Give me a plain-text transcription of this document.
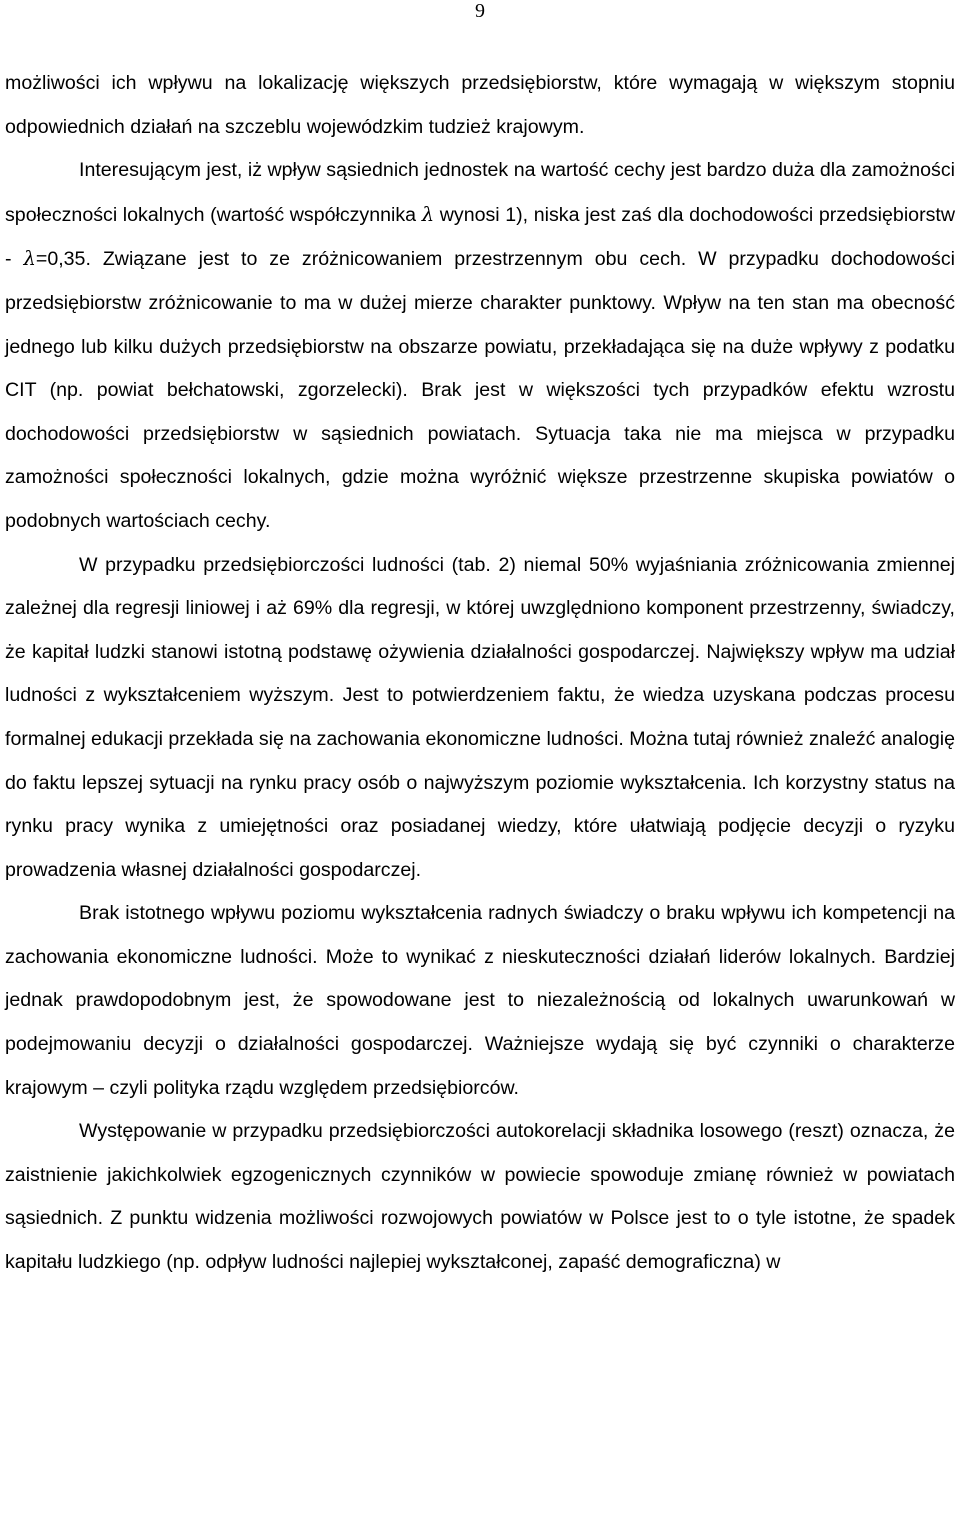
9

możliwości ich wpływu na lokalizację większych przedsiębiorstw, które wymagają w większym stopniu odpowiednich działań na szczeblu wojewódzkim tudzież krajowym.

Interesującym jest, iż wpływ sąsiednich jednostek na wartość cechy jest bardzo duża dla zamożności społeczności lokalnych (wartość współczynnika λ wynosi 1), niska jest zaś dla dochodowości przedsiębiorstw - λ=0,35. Związane jest to ze zróżnicowaniem przestrzennym obu cech. W przypadku dochodowości przedsiębiorstw zróżnicowanie to ma w dużej mierze charakter punktowy. Wpływ na ten stan ma obecność jednego lub kilku dużych przedsiębiorstw na obszarze powiatu, przekładająca się na duże wpływy z podatku CIT (np. powiat bełchatowski, zgorzelecki). Brak jest w większości tych przypadków efektu wzrostu dochodowości przedsiębiorstw w sąsiednich powiatach. Sytuacja taka nie ma miejsca w przypadku zamożności społeczności lokalnych, gdzie można wyróżnić większe przestrzenne skupiska powiatów o podobnych wartościach cechy.

W przypadku przedsiębiorczości ludności (tab. 2) niemal 50% wyjaśniania zróżnicowania zmiennej zależnej dla regresji liniowej i aż 69% dla regresji, w której uwzględniono komponent przestrzenny, świadczy, że kapitał ludzki stanowi istotną podstawę ożywienia działalności gospodarczej. Największy wpływ ma udział ludności z wykształceniem wyższym. Jest to potwierdzeniem faktu, że wiedza uzyskana podczas procesu formalnej edukacji przekłada się na zachowania ekonomiczne ludności. Można tutaj również znaleźć analogię do faktu lepszej sytuacji na rynku pracy osób o najwyższym poziomie wykształcenia. Ich korzystny status na rynku pracy wynika z umiejętności oraz posiadanej wiedzy, które ułatwiają podjęcie decyzji o ryzyku prowadzenia własnej działalności gospodarczej.

Brak istotnego wpływu poziomu wykształcenia radnych świadczy o braku wpływu ich kompetencji na zachowania ekonomiczne ludności. Może to wynikać z nieskuteczności działań liderów lokalnych. Bardziej jednak prawdopodobnym jest, że spowodowane jest to niezależnością od lokalnych uwarunkowań w podejmowaniu decyzji o działalności gospodarczej. Ważniejsze wydają się być czynniki o charakterze krajowym – czyli polityka rządu względem przedsiębiorców.

Występowanie w przypadku przedsiębiorczości autokorelacji składnika losowego (reszt) oznacza, że zaistnienie jakichkolwiek egzogenicznych czynników w powiecie spowoduje zmianę również w powiatach sąsiednich. Z punktu widzenia możliwości rozwojowych powiatów w Polsce jest to o tyle istotne, że spadek kapitału ludzkiego (np. odpływ ludności najlepiej wykształconej, zapaść demograficzna) w
